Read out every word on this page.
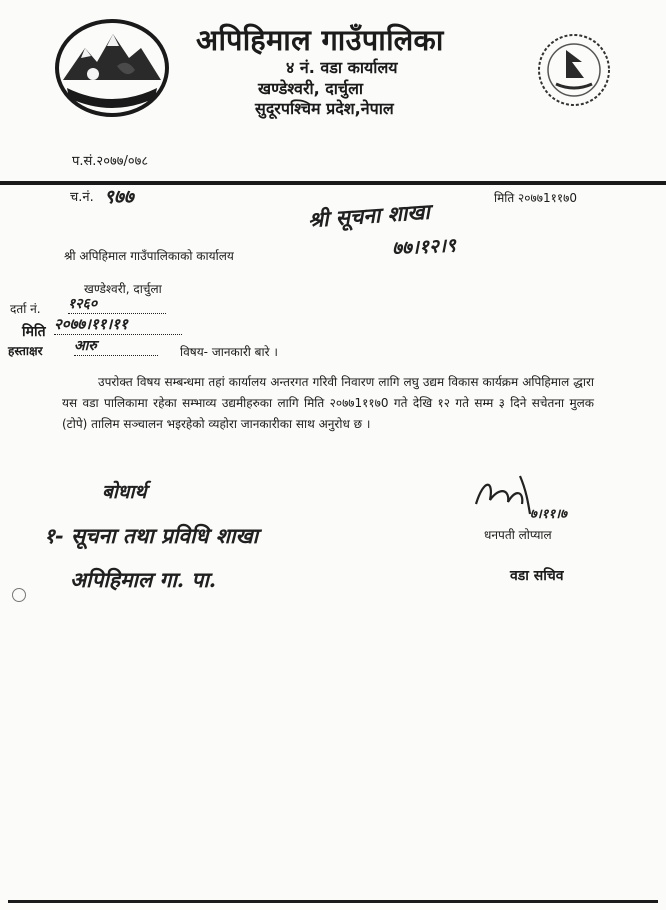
अपिहिमाल गाउँपालिका
४ नं. वडा कार्यालय
खण्डेश्वरी, दार्चुला
सुदूरपश्चिम प्रदेश,नेपाल
प.सं.२०७७/०७८
च.नं. ९७७	मिति २०७७1११७0
श्री सूचना शाखा
७७।१२।९
श्री अपिहिमाल गाउँपालिकाको कार्यालय
खण्डेश्वरी, दार्चुला
दर्ता नं. १२६०
मिति २०७७।११।११
हस्ताक्षर आरु	विषय- जानकारी बारे ।
उपरोक्त विषय सम्बन्धमा तहां कार्यालय अन्तरगत गरिवी निवारण लागि लघु उद्यम विकास कार्यक्रम अपिहिमाल द्धारा यस वडा पालिकामा रहेका सम्भाव्य उद्यमीहरुका लागि मिति २०७७1११७0 गते देखि १२ गते सम्म ३ दिने सचेतना मुलक (टोपे) तालिम सञ्चालन भइरहेको व्यहोरा जानकारीका साथ अनुरोध छ ।
बोधार्थ
१- सूचना तथा प्रविधि शाखा
अपिहिमाल गा. पा.
७।११।७
धनपती लोप्याल
वडा सचिव
